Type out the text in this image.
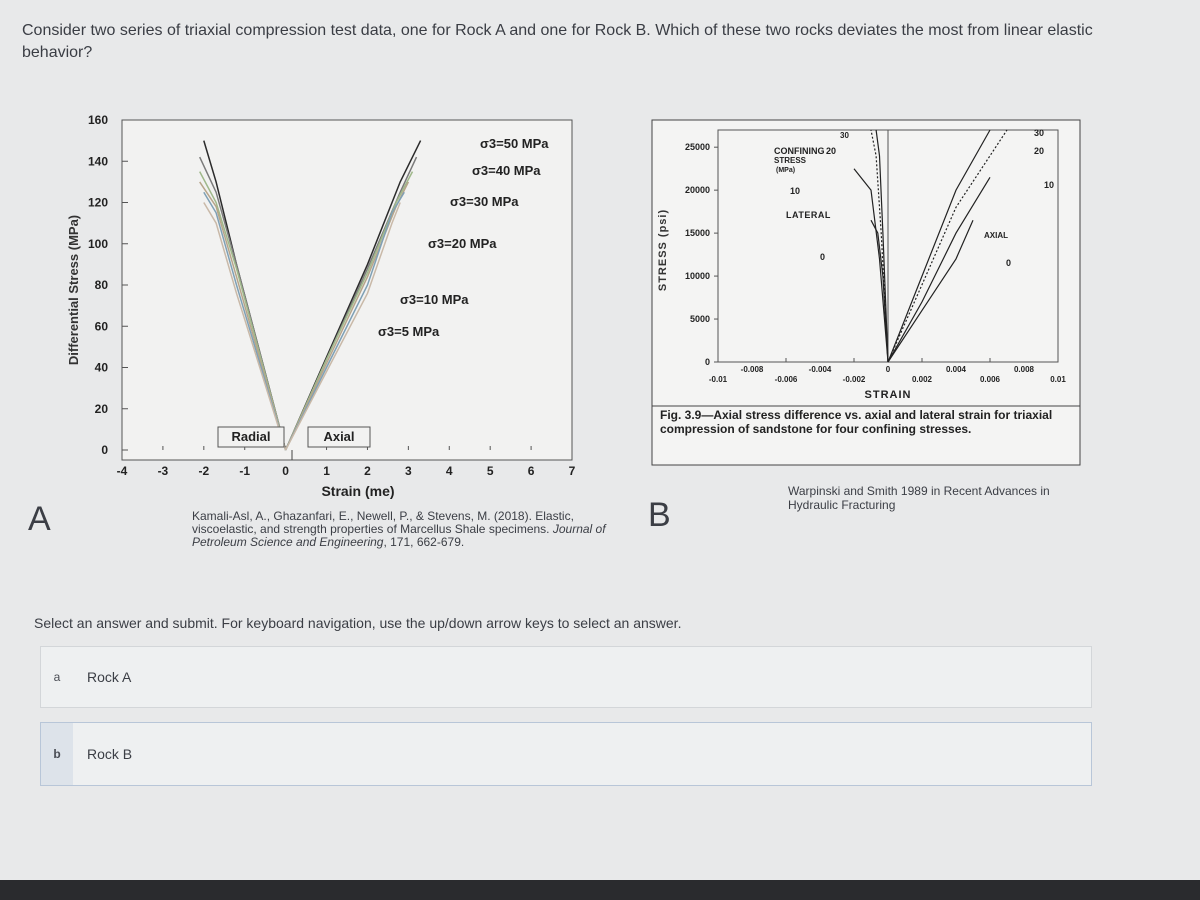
Consider two series of triaxial compression test data, one for Rock A and one for Rock B. Which of these two rocks deviates the most from linear elastic behavior?
Differential Stress (MPa)
0
20
40
60
80
100
120
140
160
-4	-3	-2	-1	0	1	2	3	4	5	6	7
σ3=50 MPa
σ3=40 MPa
σ3=30 MPa
σ3=20 MPa
σ3=10 MPa
σ3=5 MPa
Radial	Axial
Strain (me)
A	Kamali-Asl, A., Ghazanfari, E., Newell, P., & Stevens, M. (2018). Elastic, viscoelastic, and strength properties of Marcellus Shale specimens. Journal of Petroleum Science and Engineering, 171, 662-679.
STRESS (psi)
0
5000
10000
15000
20000
25000
-0.008	-0.004	0	0.004	0.008
-0.01	-0.006	-0.002	0.002	0.006	0.01
CONFINING
STRESS
(MPa)
30
20
10
0
LATERAL
30
20
10
0
AXIAL
STRAIN
Fig. 3.9—Axial stress difference vs. axial and lateral strain for triaxial compression of sandstone for four confining stresses.
B
Warpinski and Smith 1989 in Recent Advances in Hydraulic Fracturing
Select an answer and submit. For keyboard navigation, use the up/down arrow keys to select an answer.
a	Rock A
b	Rock B
